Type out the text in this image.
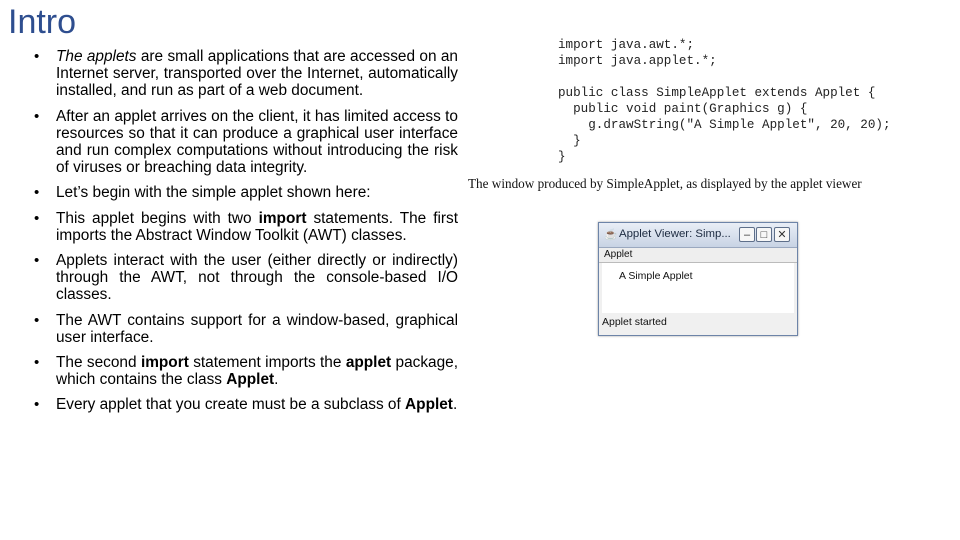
Intro
• The applets are small applications that are accessed on an Internet server, transported over the Internet, automatically installed, and run as part of a web document.
• After an applet arrives on the client, it has limited access to resources so that it can produce a graphical user interface and run complex computations without introducing the risk of viruses or breaching data integrity.
• Let’s begin with the simple applet shown here:
• This applet begins with two import statements. The first imports the Abstract Window Toolkit (AWT) classes.
• Applets interact with the user (either directly or indirectly) through the AWT, not through the console-based I/O classes.
• The AWT contains support for a window-based, graphical user interface.
• The second import statement imports the applet package, which contains the class Applet.
• Every applet that you create must be a subclass of Applet.
import java.awt.*;
import java.applet.*;
public class SimpleApplet extends Applet {
public void paint(Graphics g) {
g.drawString("A Simple Applet", 20, 20);
}
}
The window produced by SimpleApplet, as displayed by the applet viewer
☕ Applet Viewer: Simp...	– □ ✕
Applet
A Simple Applet
Applet started
